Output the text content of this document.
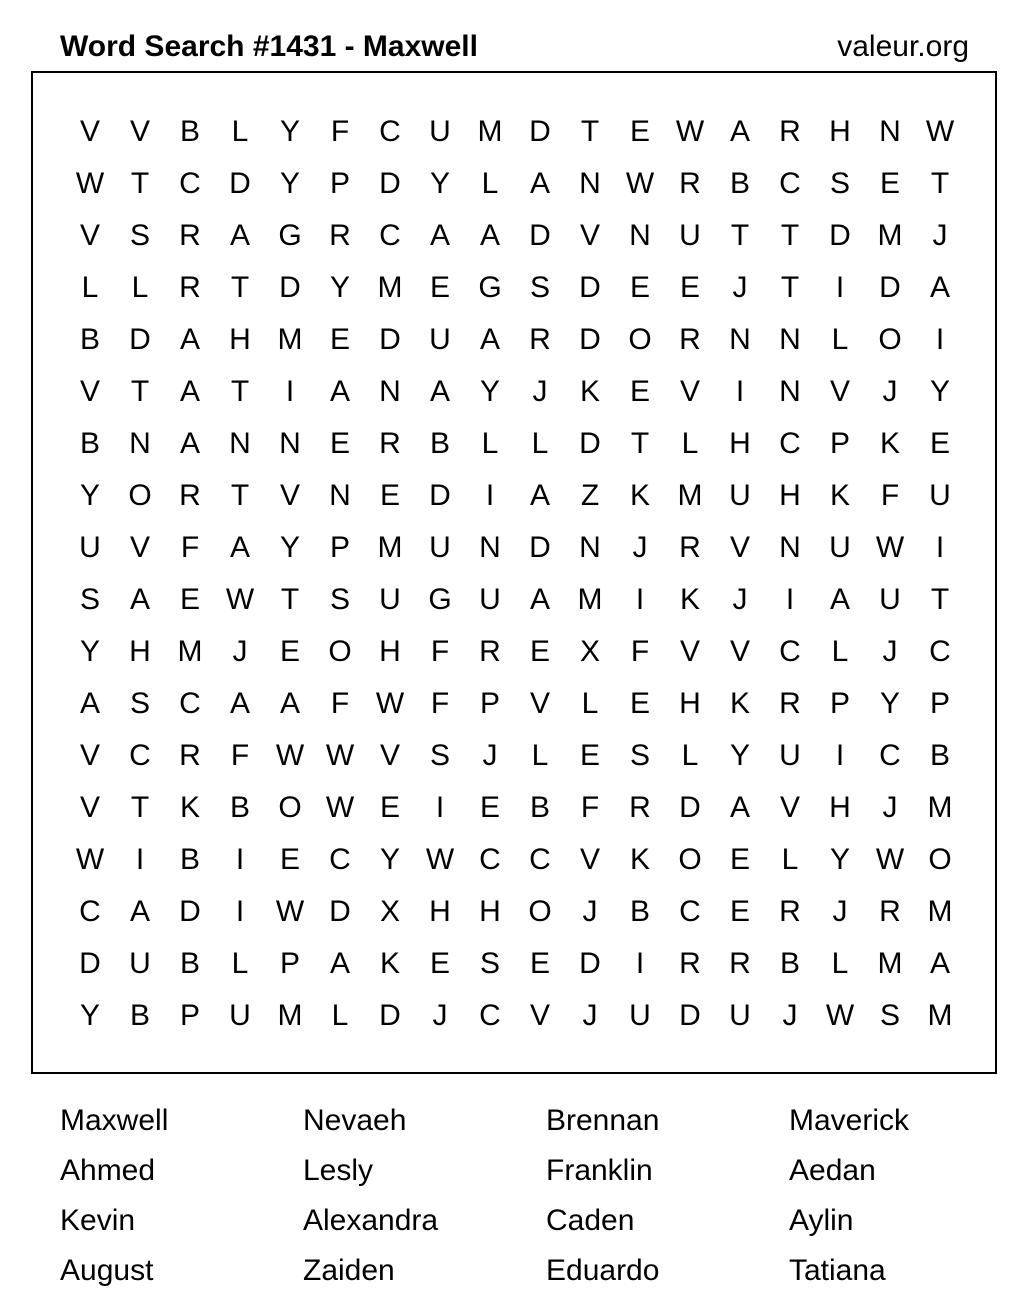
Word Search #1431 - Maxwell	valeur.org
V V B	L	Y	F	C U M D	T	E W A R H N W
W T	C D Y P D Y	L	A N W R B C S E	T
V S R A G R C A A D V N U	T	T	D M	J
L	L	R	T	D Y M E G S D E E	J	T	I	D A
B D A H M E D U A R D O R N N	L O	I
V	T	A	T	I	A N A Y	J	K E V	I	N V	J	Y
B N A N N E R B	L	L	D	T	L	H C P K E
Y O R	T	V N E D	I	A	Z	K M U H K	F	U
U V	F	A Y P M U N D N	J	R V N U W	I
S A E W T	S U G U A M	I	K	J	I	A U	T
Y H M	J	E O H	F	R E X	F	V V C	L	J	C
A S C A A	F W F	P V	L	E H K R P Y P
V C R	F W W V S	J	L	E S	L	Y U	I	C B
V	T	K B O W E	I	E B	F	R D A V H	J	M
W	I	B	I	E C Y W C C V K O E	L	Y W O
C A D	I	W D X H H O	J	B C E R	J	R M
D U B	L	P A K E S E D	I	R R B	L M A
Y B P U M L	D	J	C V	J	U D U	J W S M
Maxwell	Nevaeh	Brennan	Maverick
Ahmed	Lesly	Franklin	Aedan
Kevin	Alexandra	Caden	Aylin
August	Zaiden	Eduardo	Tatiana
